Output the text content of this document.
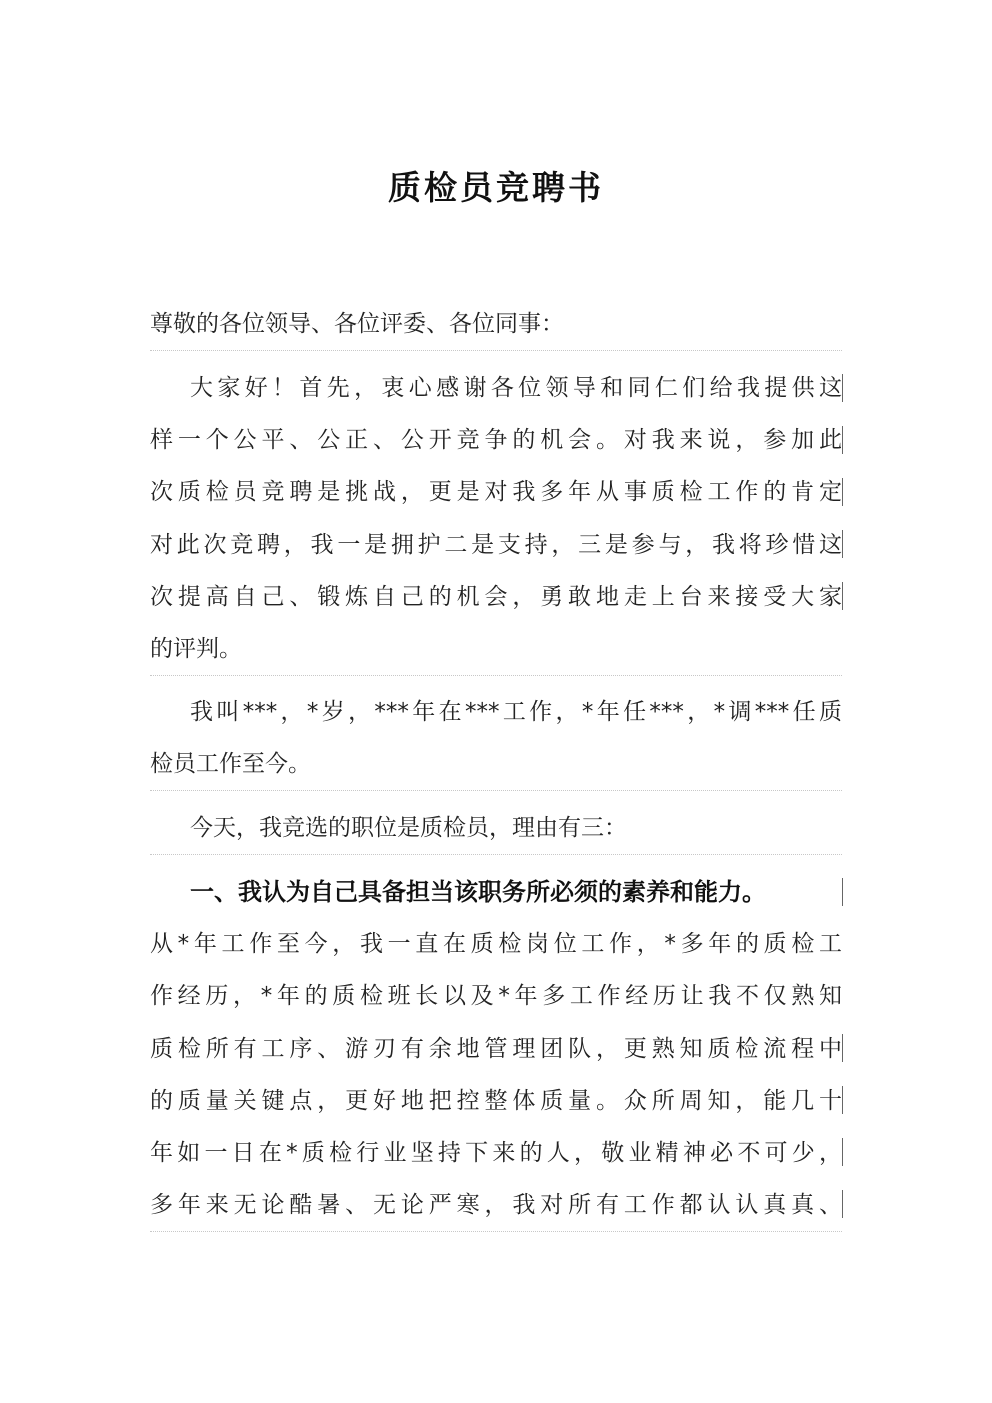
质检员竞聘书
尊敬的各位领导、各位评委、各位同事：
大家好！首先，衷心感谢各位领导和同仁们给我提供这
样一个公平、公正、公开竞争的机会。对我来说，参加此
次质检员竞聘是挑战，更是对我多年从事质检工作的肯定
对此次竞聘，我一是拥护二是支持，三是参与，我将珍惜这
次提高自己、锻炼自己的机会，勇敢地走上台来接受大家
的评判。
我叫***，*岁，***年在***工作，*年任***，*调***任质
检员工作至今。
今天，我竞选的职位是质检员，理由有三：
一、我认为自己具备担当该职务所必须的素养和能力。
从*年工作至今，我一直在质检岗位工作，*多年的质检工
作经历，*年的质检班长以及*年多工作经历让我不仅熟知
质检所有工序、游刃有余地管理团队，更熟知质检流程中
的质量关键点，更好地把控整体质量。众所周知，能几十
年如一日在*质检行业坚持下来的人，敬业精神必不可少，
多年来无论酷暑、无论严寒，我对所有工作都认认真真、
